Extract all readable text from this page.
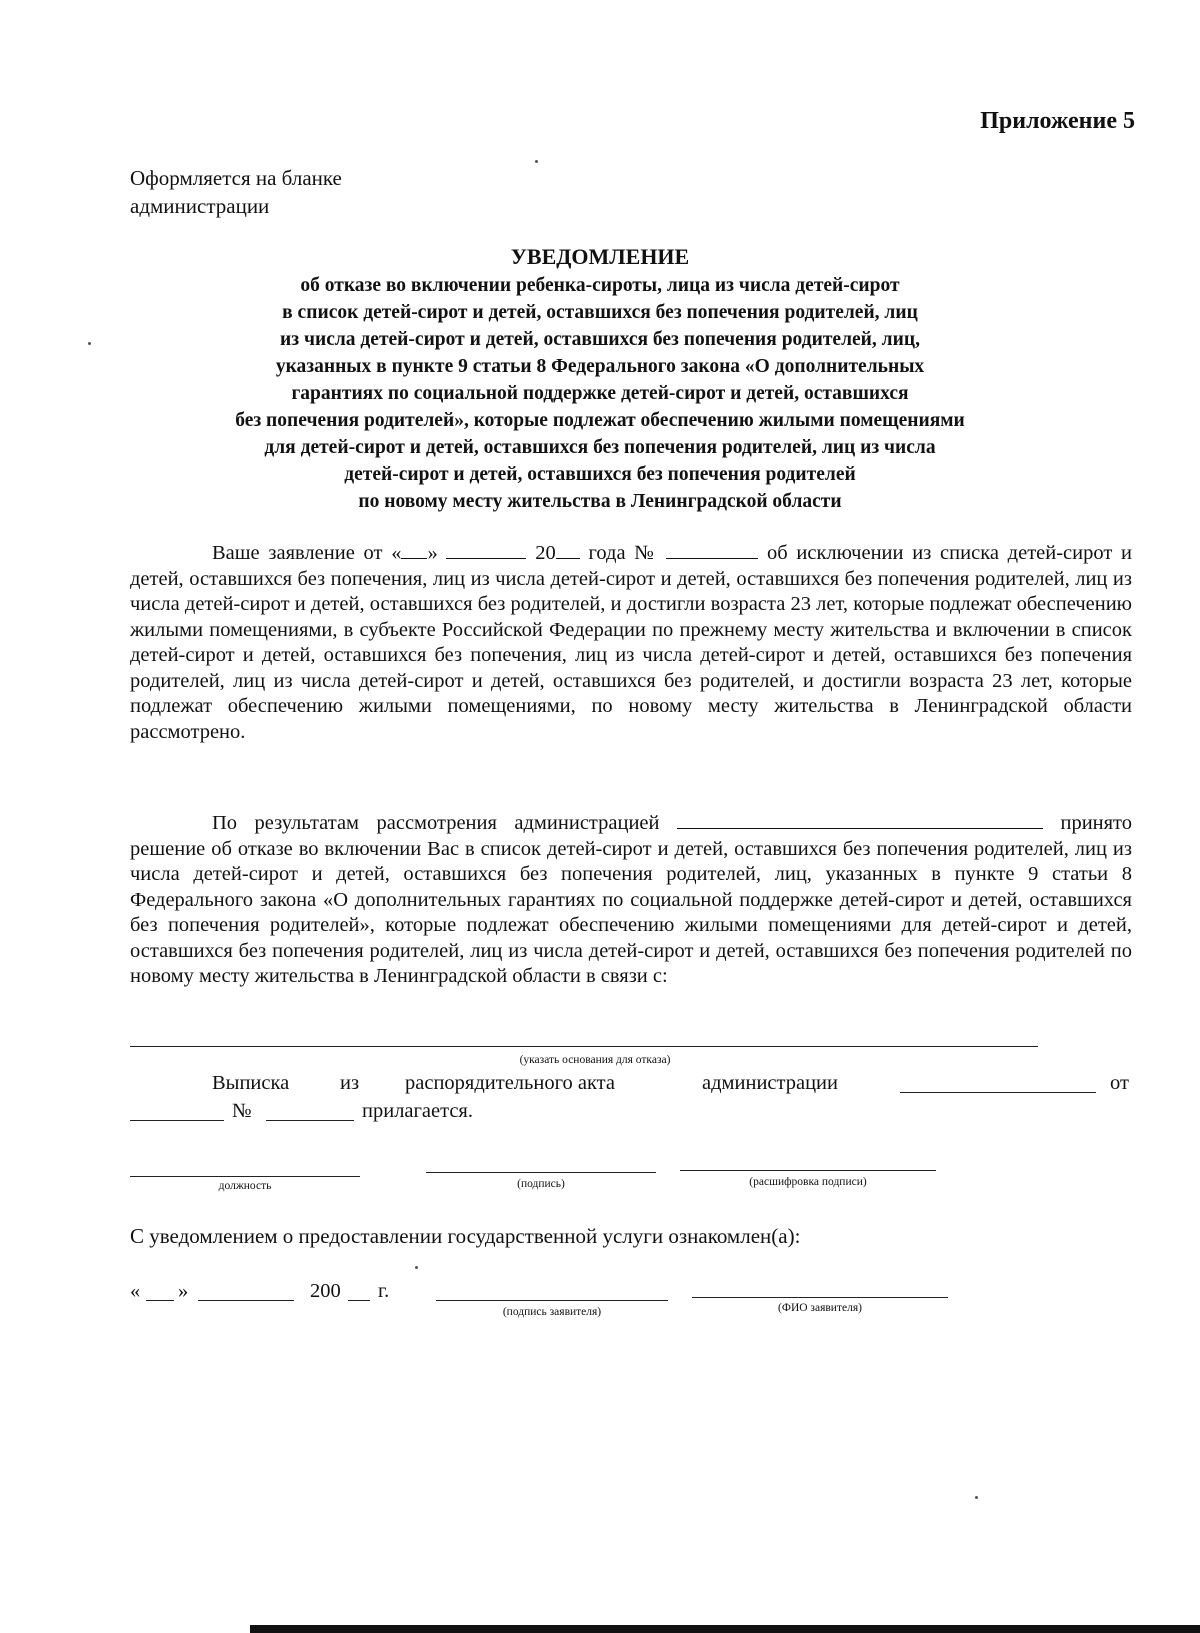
Приложение 5
Оформляется на бланке
администрации
УВЕДОМЛЕНИЕ
об отказе во включении ребенка-сироты, лица из числа детей-сирот
в список детей-сирот и детей, оставшихся без попечения родителей, лиц
из числа детей-сирот и детей, оставшихся без попечения родителей, лиц,
указанных в пункте 9 статьи 8 Федерального закона «О дополнительных
гарантиях по социальной поддержке детей-сирот и детей, оставшихся
без попечения родителей», которые подлежат обеспечению жилыми помещениями
для детей-сирот и детей, оставшихся без попечения родителей, лиц из числа
детей-сирот и детей, оставшихся без попечения родителей
по новому месту жительства в Ленинградской области
Ваше заявление от « »	20 года №	об исключении из списка детей-сирот и детей, оставшихся без попечения, лиц из числа детей-сирот и детей, оставшихся без попечения родителей, лиц из числа детей-сирот и детей, оставшихся без родителей, и достигли возраста 23 лет, которые подлежат обеспечению жилыми помещениями, в субъекте Российской Федерации по прежнему месту жительства и включении в список детей-сирот и детей, оставшихся без попечения, лиц из числа детей-сирот и детей, оставшихся без попечения родителей, лиц из числа детей-сирот и детей, оставшихся без родителей, и достигли возраста 23 лет, которые подлежат обеспечению жилыми помещениями, по новому месту жительства в Ленинградской области рассмотрено.
По результатам рассмотрения администрацией	принято решение об отказе во включении Вас в список детей-сирот и детей, оставшихся без попечения родителей, лиц из числа детей-сирот и детей, оставшихся без попечения родителей, лиц, указанных в пункте 9 статьи 8 Федерального закона «О дополнительных гарантиях по социальной поддержке детей-сирот и детей, оставшихся без попечения родителей», которые подлежат обеспечению жилыми помещениями для детей-сирот и детей, оставшихся без попечения родителей, лиц из числа детей-сирот и детей, оставшихся без попечения родителей по новому месту жительства в Ленинградской области в связи с:
(указать основания для отказа)
Выписка из распорядительного акта	администрации	от
№	прилагается.
должность	(подпись)	(расшифровка подписи)
С уведомлением о предоставлении государственной услуги ознакомлен(а):
« »	200 г.
(подпись заявителя)	(ФИО заявителя)
